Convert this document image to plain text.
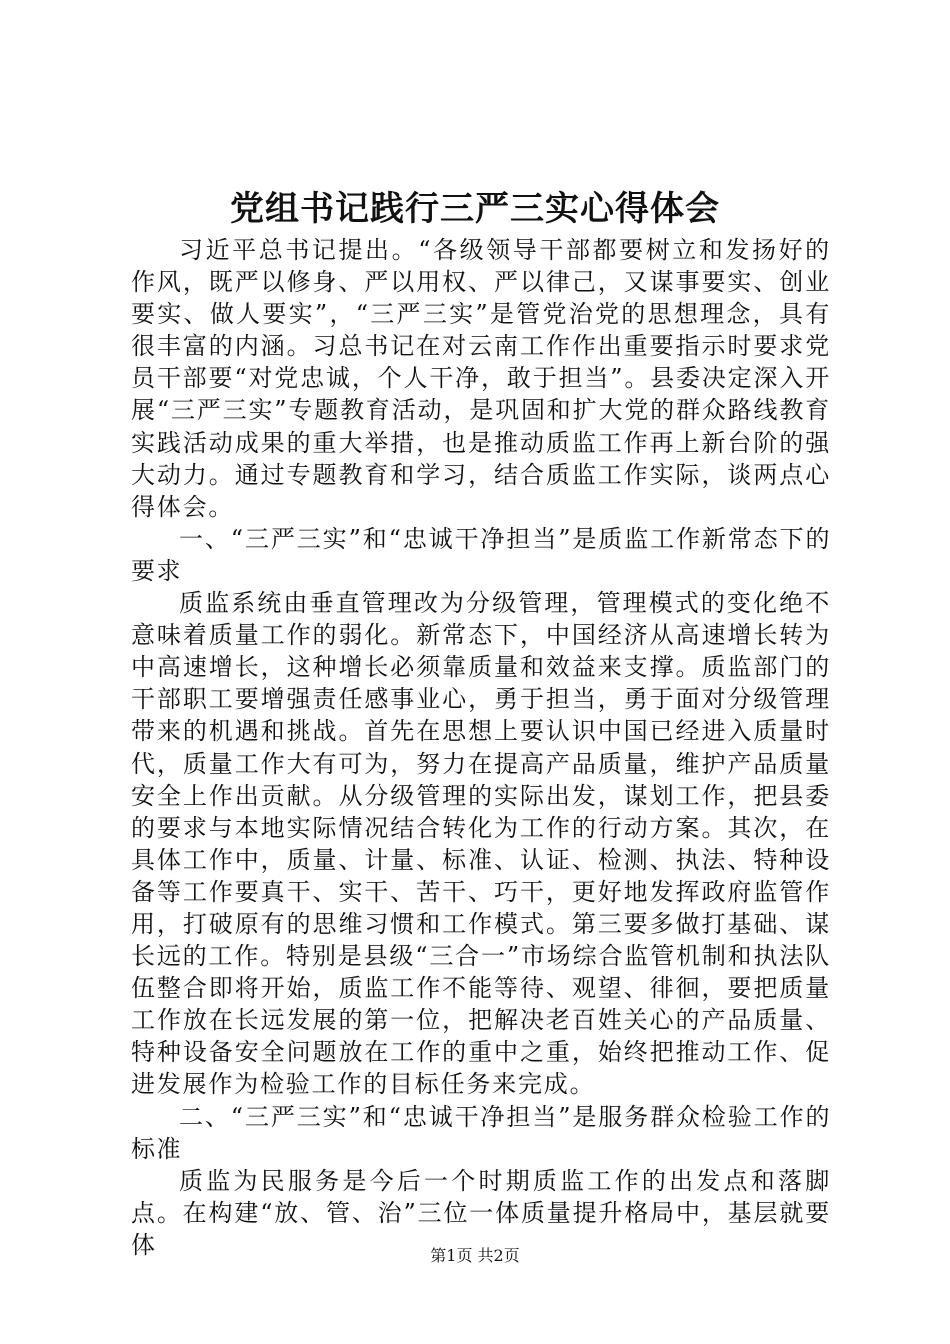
党组书记践行三严三实心得体会

习近平总书记提出。“各级领导干部都要树立和发扬好的作风，既严以修身、严以用权、严以律己，又谋事要实、创业要实、做人要实”，“三严三实”是管党治党的思想理念，具有很丰富的内涵。习总书记在对云南工作作出重要指示时要求党员干部要“对党忠诚，个人干净，敢于担当”。县委决定深入开展“三严三实”专题教育活动，是巩固和扩大党的群众路线教育实践活动成果的重大举措，也是推动质监工作再上新台阶的强大动力。通过专题教育和学习，结合质监工作实际，谈两点心得体会。

一、“三严三实”和“忠诚干净担当”是质监工作新常态下的要求

质监系统由垂直管理改为分级管理，管理模式的变化绝不意味着质量工作的弱化。新常态下，中国经济从高速增长转为中高速增长，这种增长必须靠质量和效益来支撑。质监部门的干部职工要增强责任感事业心，勇于担当，勇于面对分级管理带来的机遇和挑战。首先在思想上要认识中国已经进入质量时代，质量工作大有可为，努力在提高产品质量，维护产品质量安全上作出贡献。从分级管理的实际出发，谋划工作，把县委的要求与本地实际情况结合转化为工作的行动方案。其次，在具体工作中，质量、计量、标准、认证、检测、执法、特种设备等工作要真干、实干、苦干、巧干，更好地发挥政府监管作用，打破原有的思维习惯和工作模式。第三要多做打基础、谋长远的工作。特别是县级“三合一”市场综合监管机制和执法队伍整合即将开始，质监工作不能等待、观望、徘徊，要把质量工作放在长远发展的第一位，把解决老百姓关心的产品质量、特种设备安全问题放在工作的重中之重，始终把推动工作、促进发展作为检验工作的目标任务来完成。

二、“三严三实”和“忠诚干净担当”是服务群众检验工作的标准

质监为民服务是今后一个时期质监工作的出发点和落脚点。在构建“放、管、治”三位一体质量提升格局中，基层就要体	第1页 共2页
